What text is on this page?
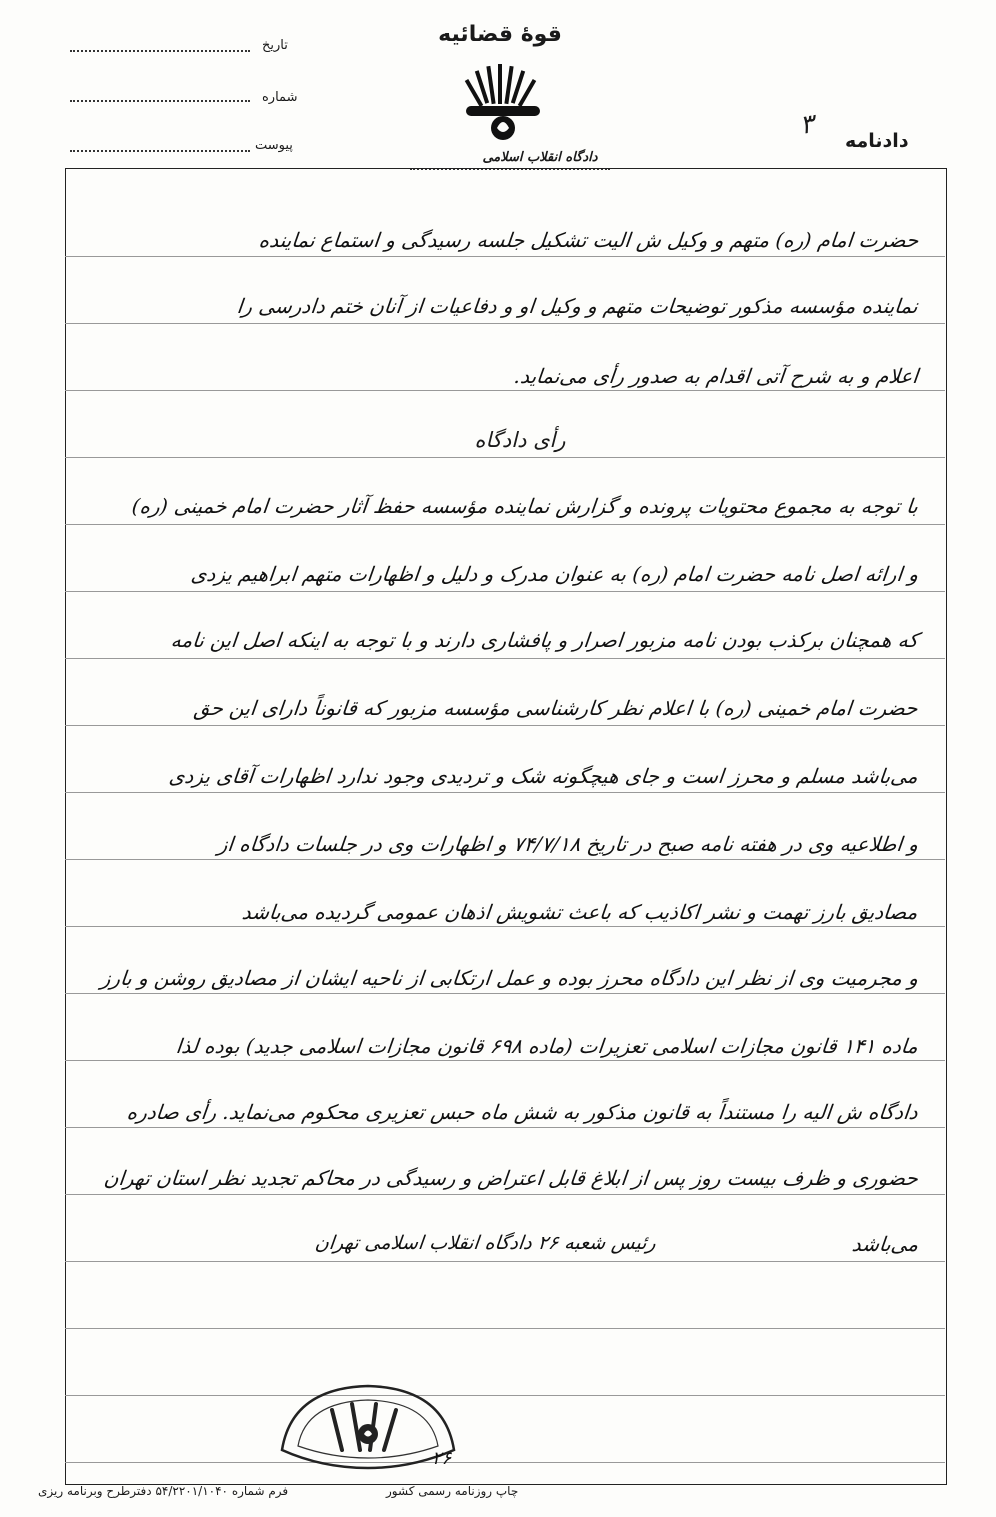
قوهٔ قضائیه
دادگاه انقلاب اسلامی
تاریخ
شماره
پیوست	دادنامه
۳
حضرت امام (ره) متهم و وکیل ش الیت تشکیل جلسه رسیدگی و استماع نماینده
نماینده مؤسسه مذکور توضیحات متهم و وکیل او و دفاعیات از آنان ختم دادرسی را
اعلام و به شرح آتی اقدام به صدور رأی می‌نماید.
رأی دادگاه
با توجه به مجموع محتویات پرونده و گزارش نماینده مؤسسه حفظ آثار حضرت امام خمینی (ره)
و ارائه اصل نامه حضرت امام (ره) به عنوان مدرک و دلیل و اظهارات متهم ابراهیم یزدی
که همچنان برکذب بودن نامه مزبور اصرار و پافشاری دارند و با توجه به اینکه اصل این نامه
حضرت امام خمینی (ره) با اعلام نظر کارشناسی مؤسسه مزبور که قانوناً دارای این حق
می‌باشد مسلم و محرز است و جای هیچگونه شک و تردیدی وجود ندارد اظهارات آقای یزدی
و اطلاعیه وی در هفته نامه صبح در تاریخ ۷۴/۷/۱۸ و اظهارات وی در جلسات دادگاه از
مصادیق بارز تهمت و نشر اکاذیب که باعث تشویش اذهان عمومی گردیده می‌باشد
و مجرمیت وی از نظر این دادگاه محرز بوده و عمل ارتکابی از ناحیه ایشان از مصادیق روشن و بارز
ماده ۱۴۱ قانون مجازات اسلامی تعزیرات (ماده ۶۹۸ قانون مجازات اسلامی جدید) بوده لذا
دادگاه ش الیه را مستنداً به قانون مذکور به شش ماه حبس تعزیری محکوم می‌نماید. رأی صادره
حضوری و ظرف بیست روز پس از ابلاغ قابل اعتراض و رسیدگی در محاکم تجدید نظر استان تهران
می‌باشد
رئیس شعبه ۲۶ دادگاه انقلاب اسلامی تهران
۲۶
فرم شماره ۵۴/۲۲۰۱/۱۰۴۰ دفترطرح وبرنامه ریزی	چاپ روزنامه رسمی کشور
